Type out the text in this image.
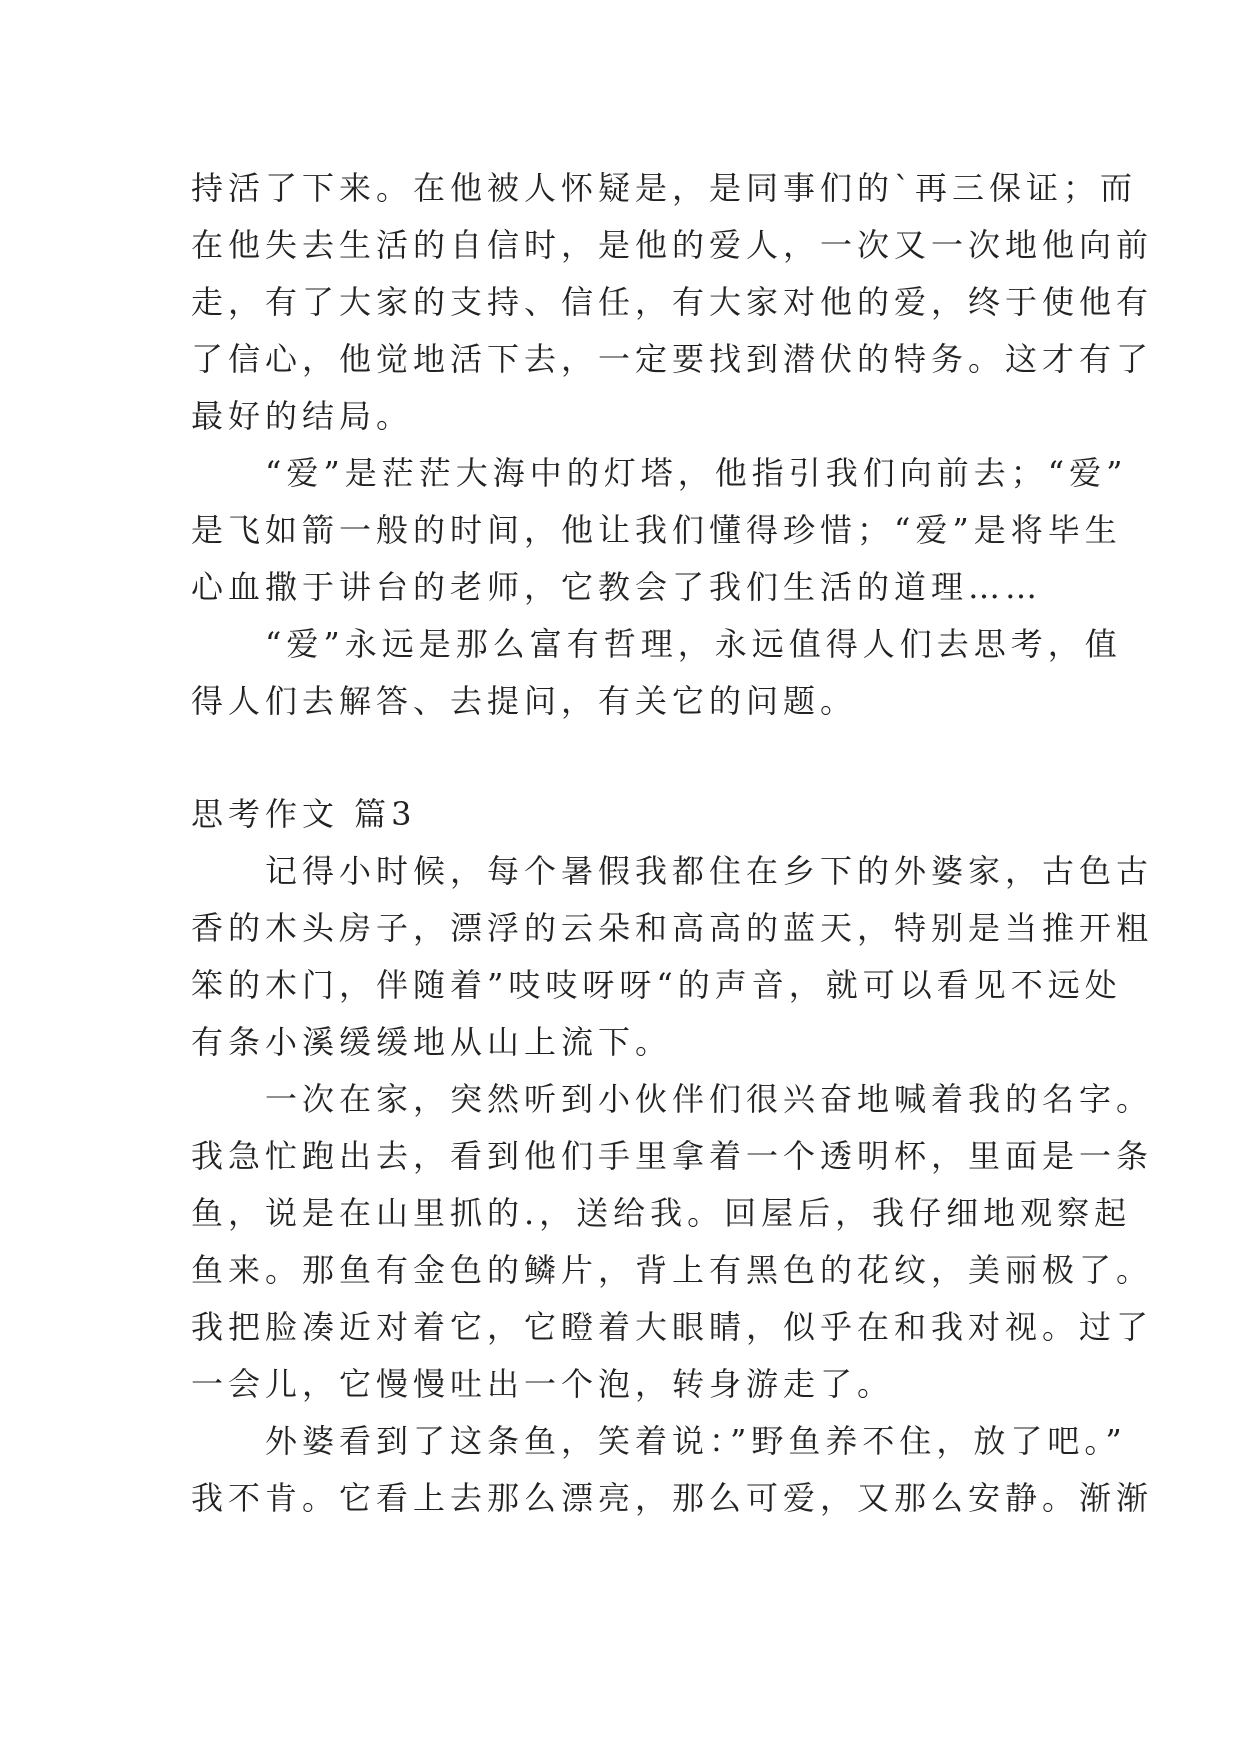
持活了下来。在他被人怀疑是，是同事们的`再三保证；而
在他失去生活的自信时，是他的爱人，一次又一次地他向前
走，有了大家的支持、信任，有大家对他的爱，终于使他有
了信心，他觉地活下去，一定要找到潜伏的特务。这才有了
最好的结局。
　　“爱”是茫茫大海中的灯塔，他指引我们向前去；“爱”
是飞如箭一般的时间，他让我们懂得珍惜；“爱”是将毕生
心血撒于讲台的老师，它教会了我们生活的道理……
　　“爱”永远是那么富有哲理，永远值得人们去思考，值
得人们去解答、去提问，有关它的问题。
思考作文 篇3
　　记得小时候，每个暑假我都住在乡下的外婆家，古色古
香的木头房子，漂浮的云朵和高高的蓝天，特别是当推开粗
笨的木门，伴随着”吱吱呀呀“的声音，就可以看见不远处
有条小溪缓缓地从山上流下。
　　一次在家，突然听到小伙伴们很兴奋地喊着我的名字。
我急忙跑出去，看到他们手里拿着一个透明杯，里面是一条
鱼，说是在山里抓的.，送给我。回屋后，我仔细地观察起
鱼来。那鱼有金色的鳞片，背上有黑色的花纹，美丽极了。
我把脸凑近对着它，它瞪着大眼睛，似乎在和我对视。过了
一会儿，它慢慢吐出一个泡，转身游走了。
　　外婆看到了这条鱼，笑着说：”野鱼养不住，放了吧。”
我不肯。它看上去那么漂亮，那么可爱，又那么安静。渐渐
